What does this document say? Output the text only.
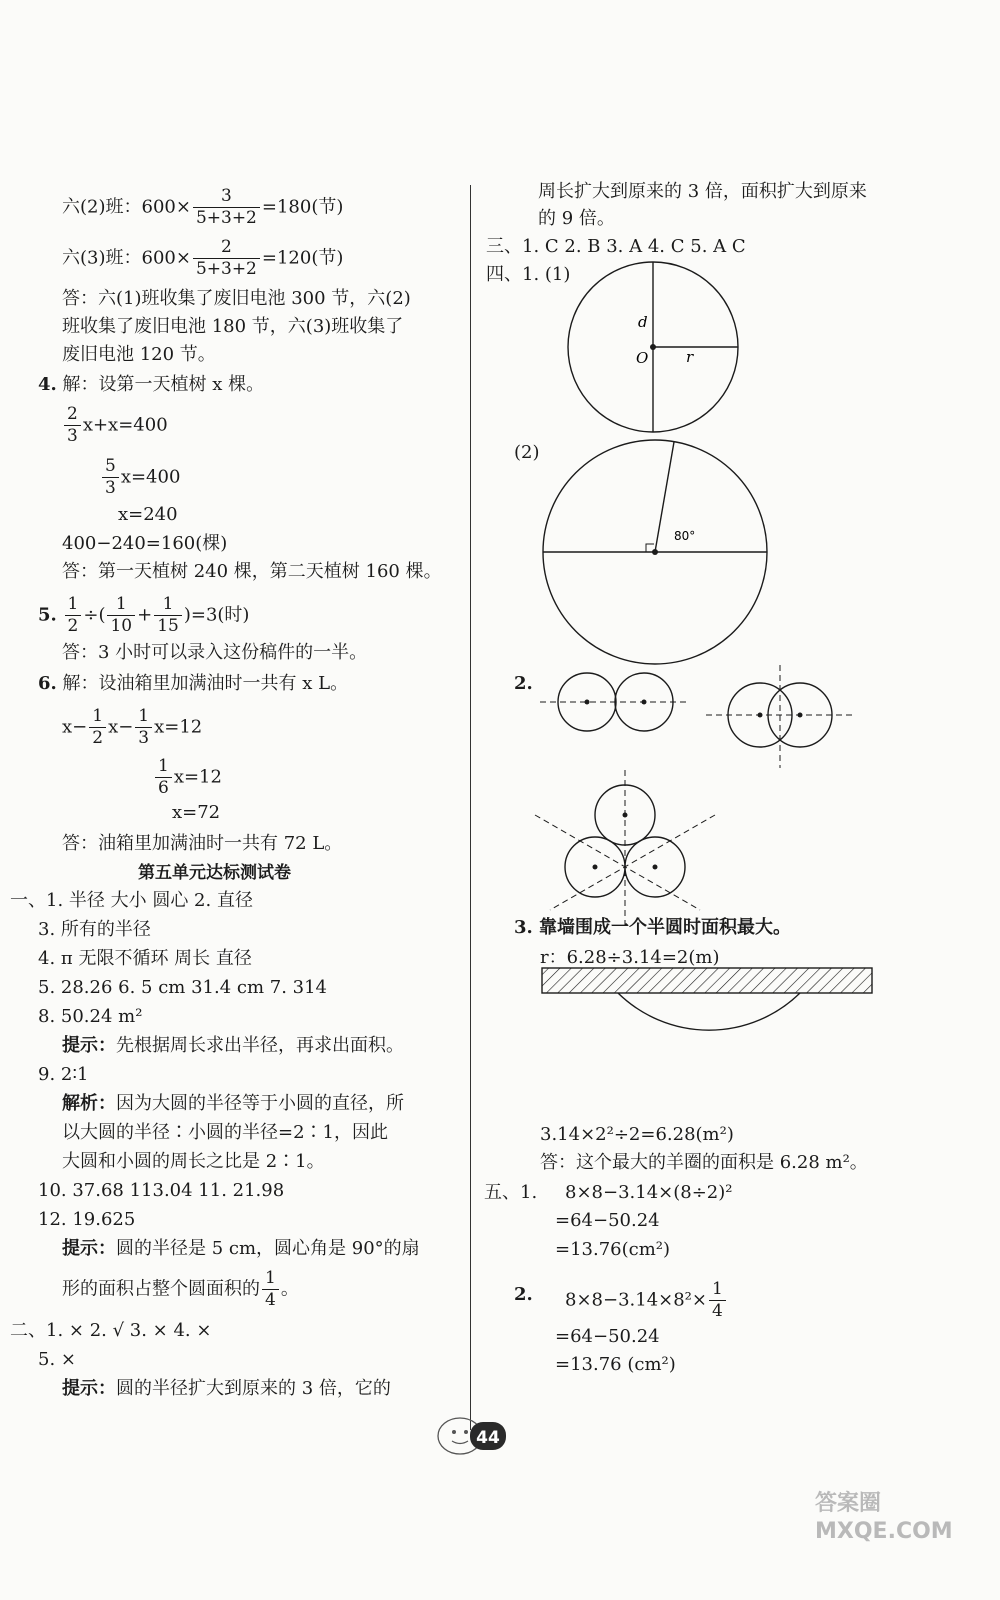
六(2)班：$600\times \frac{3}{5+3+2} =180$(节)
六(3)班：$600\times \frac{2}{5+3+2} =120$(节)
答：六(1)班收集了废旧电池 300 节，六(2)
班收集了废旧电池 180 节，六(3)班收集了
废旧电池 120 节。
4. 解：设第一天植树 x 棵。
$\frac{2}{3} x+x=400$
$\frac{5}{3} x=400$
x=240
400−240=160(棵)
答：第一天植树 240 棵，第二天植树 160 棵。
5. $\frac{1}{2}$ ÷( $\frac{1}{10} + \frac{1}{15} )=3$(时)
答：3 小时可以录入这份稿件的一半。
6. 解：设油箱里加满油时一共有 x L。
$x- \frac{1}{2} x- \frac{1}{3} x=12$
$\frac{1}{6} x=12$
x=72
答：油箱里加满油时一共有 72 L。
第五单元达标测试卷
一、1. 半径 大小 圆心 2. 直径
3. 所有的半径
4. π 无限不循环 周长 直径
5. 28.26 6. 5 cm 31.4 cm 7. 314
8. 50.24 m²
提示：先根据周长求出半径，再求出面积。
9. 2∶1
解析：因为大圆的半径等于小圆的直径，所
以大圆的半径∶小圆的半径=2∶1，因此
大圆和小圆的周长之比是 2∶1。
10. 37.68 113.04 11. 21.98
12. 19.625
提示：圆的半径是 5 cm，圆心角是 90°的扇
形的面积占整个圆面积的 $\frac{1}{4}$ 。
二、1. × 2. √ 3. × 4. ×
5. ×
提示：圆的半径扩大到原来的 3 倍，它的
周长扩大到原来的 3 倍，面积扩大到原来
的 9 倍。
三、1. C 2. B 3. A 4. C 5. A C
四、1. (1)
d
O	r
(2)
80°
2.
3. 靠墙围成一个半圆时面积最大。
r：6.28÷3.14=2(m)
3.14×2²÷2=6.28(m²)
答：这个最大的羊圈的面积是 6.28 m²。
五、1. 8×8−3.14×(8÷2)²
=64−50.24
=13.76(cm²)
2. $8\times 8-3.14\times 8^2\times \frac{1}{4}$
=64−50.24
=13.76 (cm²)
44
答案圈 MXQE.COM
